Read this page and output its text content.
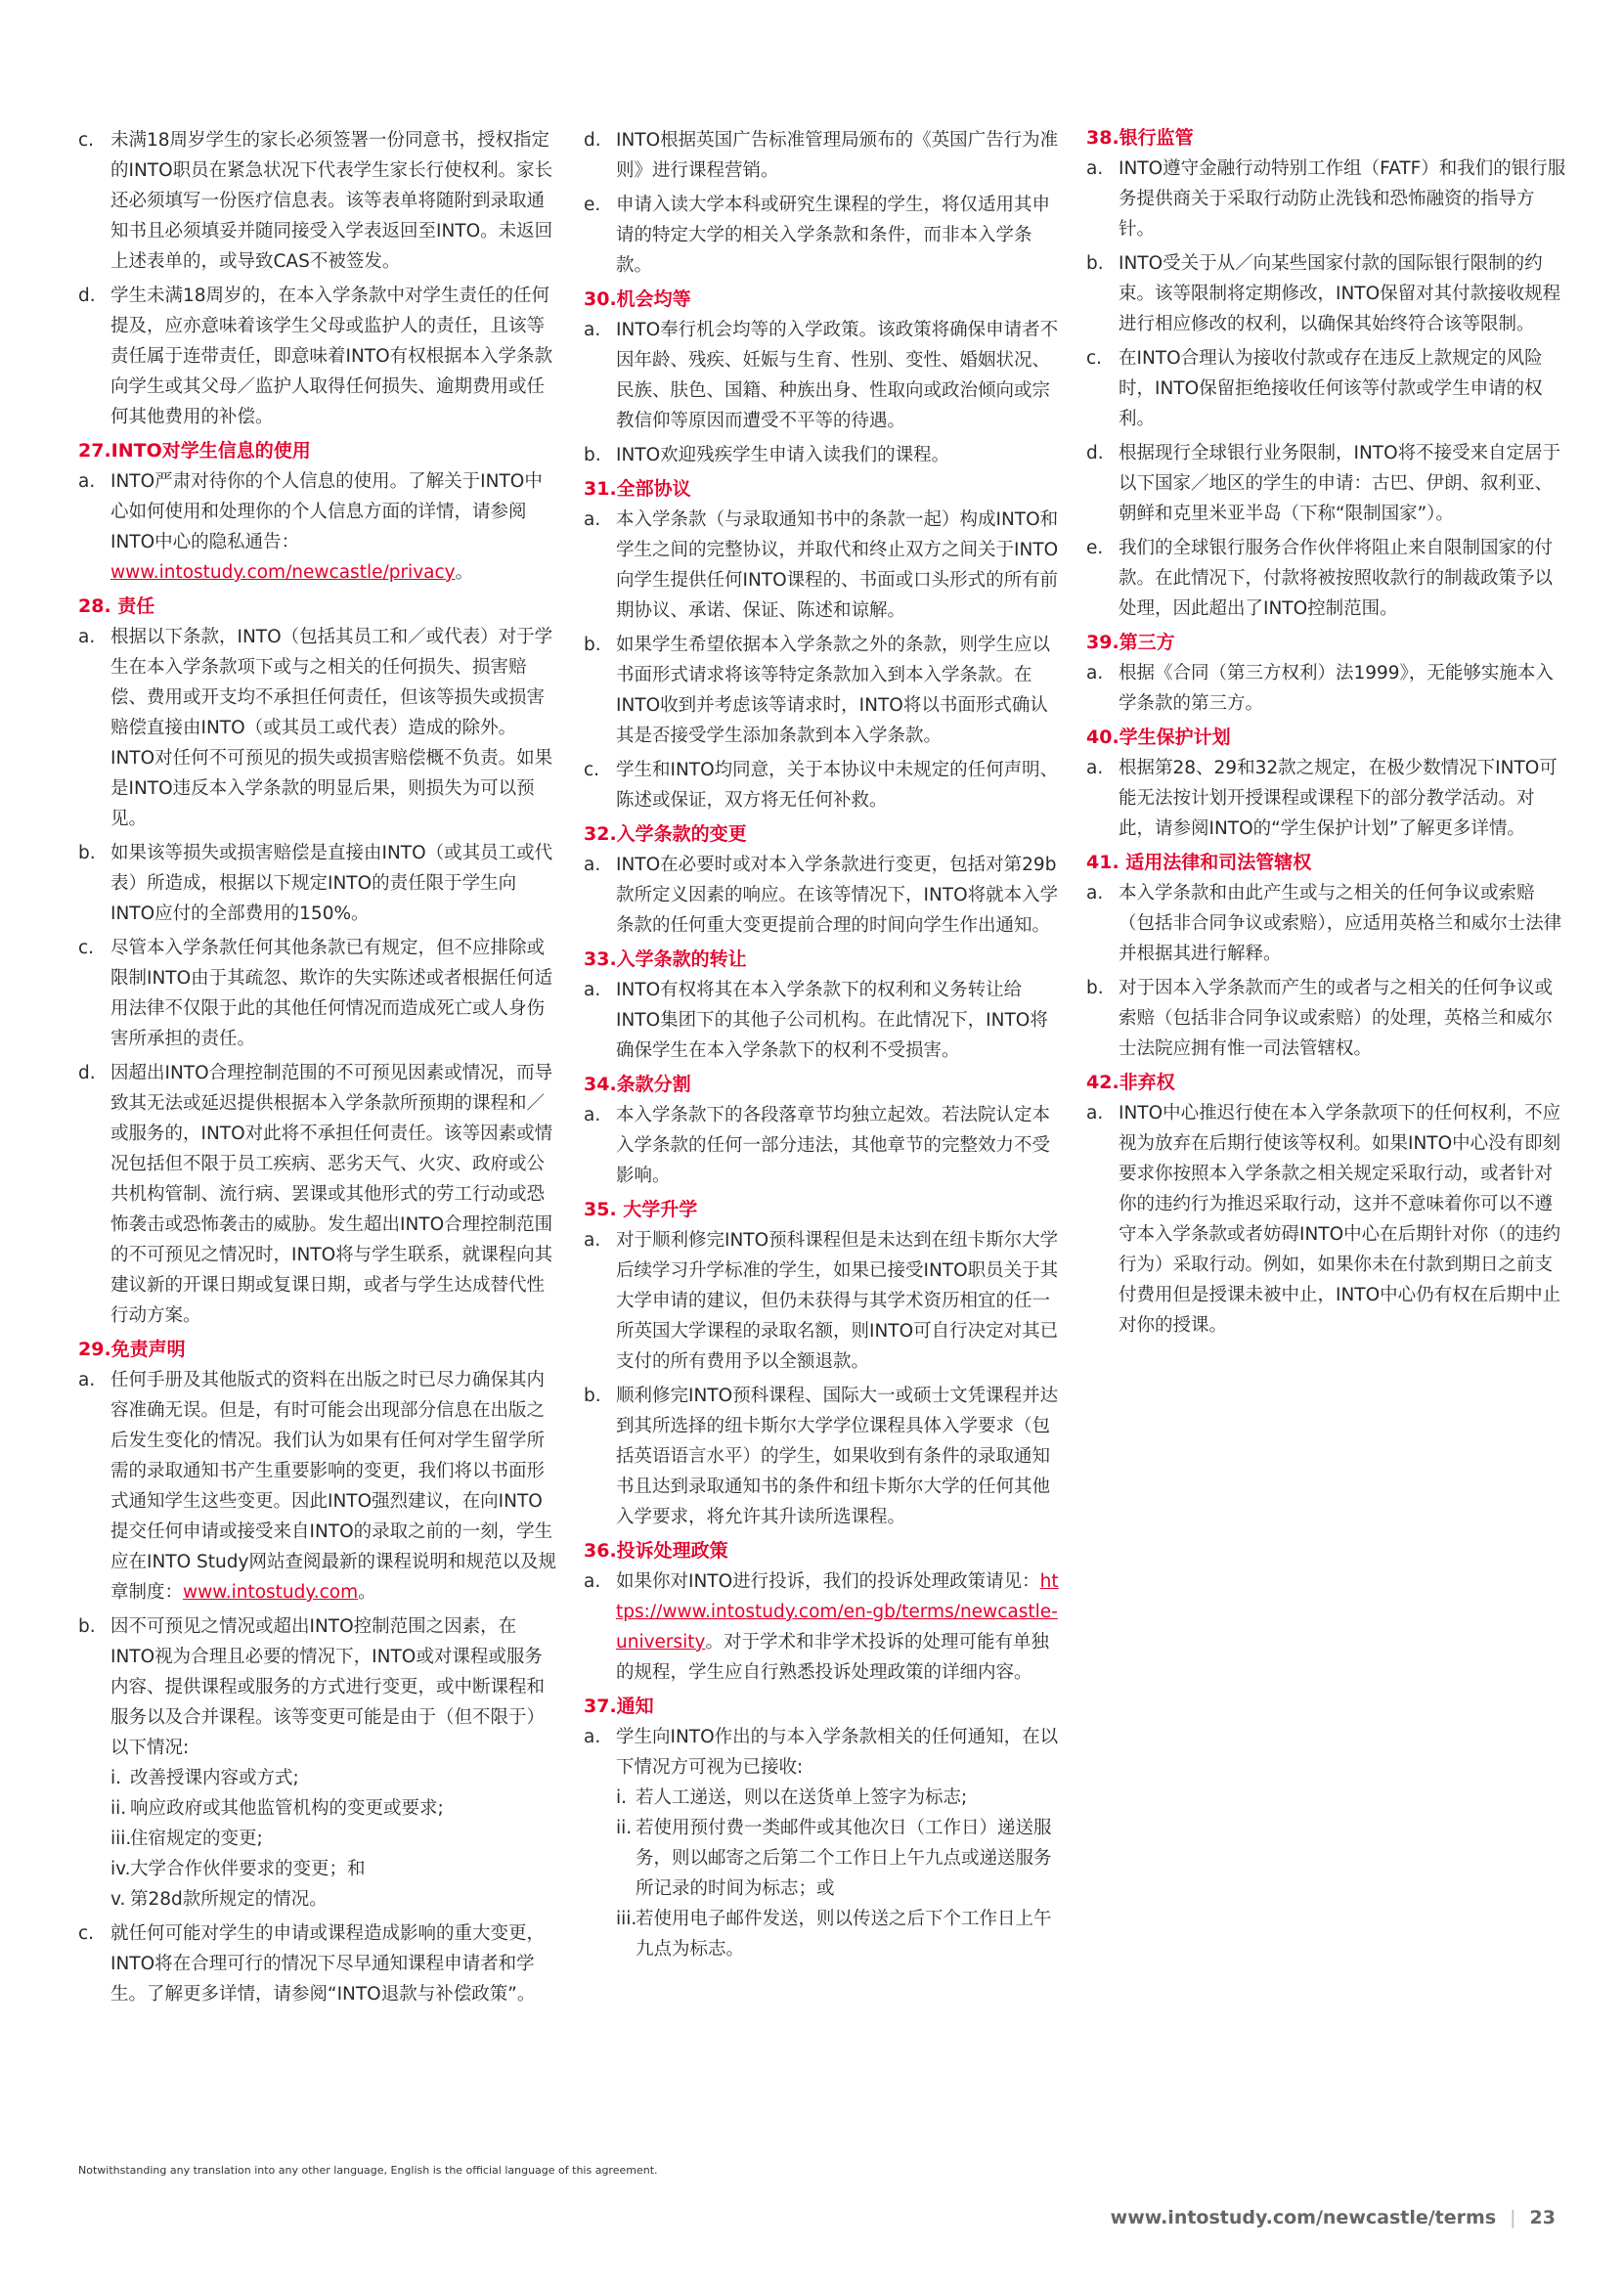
c. 未满18周岁学生的家长必须签署一份同意书，授权指定的INTO职员在紧急状况下代表学生家长行使权利。家长还必须填写一份医疗信息表。该等表单将随附到录取通知书且必须填妥并随同接受入学表返回至INTO。未返回上述表单的，或导致CAS不被签发。
d. 学生未满18周岁的，在本入学条款中对学生责任的任何提及，应亦意味着该学生父母或监护人的责任，且该等责任属于连带责任，即意味着INTO有权根据本入学条款向学生或其父母／监护人取得任何损失、逾期费用或任何其他费用的补偿。
27.INTO对学生信息的使用
a. INTO严肃对待你的个人信息的使用。了解关于INTO中心如何使用和处理你的个人信息方面的详情，请参阅INTO中心的隐私通告：www.intostudy.com/newcastle/privacy。
28. 责任
a. 根据以下条款，INTO（包括其员工和／或代表）对于学生在本入学条款项下或与之相关的任何损失、损害赔偿、费用或开支均不承担任何责任，但该等损失或损害赔偿直接由INTO（或其员工或代表）造成的除外。INTO对任何不可预见的损失或损害赔偿概不负责。如果是INTO违反本入学条款的明显后果，则损失为可以预见。
b. 如果该等损失或损害赔偿是直接由INTO（或其员工或代表）所造成，根据以下规定INTO的责任限于学生向INTO应付的全部费用的150%。
c. 尽管本入学条款任何其他条款已有规定，但不应排除或限制INTO由于其疏忽、欺诈的失实陈述或者根据任何适用法律不仅限于此的其他任何情况而造成死亡或人身伤害所承担的责任。
d. 因超出INTO合理控制范围的不可预见因素或情况，而导致其无法或延迟提供根据本入学条款所预期的课程和／或服务的，INTO对此将不承担任何责任。该等因素或情况包括但不限于员工疾病、恶劣天气、火灾、政府或公共机构管制、流行病、罢课或其他形式的劳工行动或恐怖袭击或恐怖袭击的威胁。发生超出INTO合理控制范围的不可预见之情况时，INTO将与学生联系，就课程向其建议新的开课日期或复课日期，或者与学生达成替代性行动方案。
29.免责声明
a. 任何手册及其他版式的资料在出版之时已尽力确保其内容准确无误。但是，有时可能会出现部分信息在出版之后发生变化的情况。我们认为如果有任何对学生留学所需的录取通知书产生重要影响的变更，我们将以书面形式通知学生这些变更。因此INTO强烈建议，在向INTO提交任何申请或接受来自INTO的录取之前的一刻，学生应在INTO Study网站查阅最新的课程说明和规范以及规章制度：www.intostudy.com。
b. 因不可预见之情况或超出INTO控制范围之因素，在INTO视为合理且必要的情况下，INTO或对课程或服务内容、提供课程或服务的方式进行变更，或中断课程和服务以及合并课程。该等变更可能是由于（但不限于）以下情况:
i. 改善授课内容或方式;
ii. 响应政府或其他监管机构的变更或要求;
iii.
住宿规定的变更;
iv. 大学合作伙伴要求的变更；和
v. 第28d款所规定的情况。
c. 就任何可能对学生的申请或课程造成影响的重大变更，INTO将在合理可行的情况下尽早通知课程申请者和学生。了解更多详情，请参阅“INTO退款与补偿政策”。
d. INTO根据英国广告标准管理局颁布的《英国广告行为准则》进行课程营销。
e. 申请入读大学本科或研究生课程的学生，将仅适用其申请的特定大学的相关入学条款和条件，而非本入学条款。
30.机会均等
a. INTO奉行机会均等的入学政策。该政策将确保申请者不因年龄、残疾、妊娠与生育、性别、变性、婚姻状况、民族、肤色、国籍、种族出身、性取向或政治倾向或宗教信仰等原因而遭受不平等的待遇。
b. INTO欢迎残疾学生申请入读我们的课程。
31.全部协议
a. 本入学条款（与录取通知书中的条款一起）构成INTO和学生之间的完整协议，并取代和终止双方之间关于INTO向学生提供任何INTO课程的、书面或口头形式的所有前期协议、承诺、保证、陈述和谅解。
b. 如果学生希望依据本入学条款之外的条款，则学生应以书面形式请求将该等特定条款加入到本入学条款。在INTO收到并考虑该等请求时，INTO将以书面形式确认其是否接受学生添加条款到本入学条款。
c. 学生和INTO均同意，关于本协议中未规定的任何声明、陈述或保证，双方将无任何补救。
32.入学条款的变更
a. INTO在必要时或对本入学条款进行变更，包括对第29b款所定义因素的响应。在该等情况下，INTO将就本入学条款的任何重大变更提前合理的时间向学生作出通知。
33.入学条款的转让
a. INTO有权将其在本入学条款下的权利和义务转让给INTO集团下的其他子公司机构。在此情况下，INTO将确保学生在本入学条款下的权利不受损害。
34.条款分割
a. 本入学条款下的各段落章节均独立起效。若法院认定本入学条款的任何一部分违法，其他章节的完整效力不受影响。
35. 大学升学
a. 对于顺利修完INTO预科课程但是未达到在纽卡斯尔大学后续学习升学标准的学生，如果已接受INTO职员关于其大学申请的建议，但仍未获得与其学术资历相宜的任一所英国大学课程的录取名额，则INTO可自行决定对其已支付的所有费用予以全额退款。
b. 顺利修完INTO预科课程、国际大一或硕士文凭课程并达到其所选择的纽卡斯尔大学学位课程具体入学要求（包括英语语言水平）的学生，如果收到有条件的录取通知书且达到录取通知书的条件和纽卡斯尔大学的任何其他入学要求，将允许其升读所选课程。
36.投诉处理政策
a. 如果你对INTO进行投诉，我们的投诉处理政策请见：https://www.intostudy.com/en-gb/terms/newcastle-university。对于学术和非学术投诉的处理可能有单独的规程，学生应自行熟悉投诉处理政策的详细内容。
37.通知
a. 学生向INTO作出的与本入学条款相关的任何通知，在以下情况方可视为已接收:
i. 若人工递送，则以在送货单上签字为标志;
ii. 若使用预付费一类邮件或其他次日（工作日）递送服务，则以邮寄之后第二个工作日上午九点或递送服务所记录的时间为标志；或
iii.
若使用电子邮件发送，则以传送之后下个工作日上午九点为标志。
38.银行监管
a. INTO遵守金融行动特别工作组（FATF）和我们的银行服务提供商关于采取行动防止洗钱和恐怖融资的指导方针。
b. INTO受关于从／向某些国家付款的国际银行限制的约束。该等限制将定期修改，INTO保留对其付款接收规程进行相应修改的权利，以确保其始终符合该等限制。
c. 在INTO合理认为接收付款或存在违反上款规定的风险时，INTO保留拒绝接收任何该等付款或学生申请的权利。
d. 根据现行全球银行业务限制，INTO将不接受来自定居于以下国家／地区的学生的申请：古巴、伊朗、叙利亚、朝鲜和克里米亚半岛（下称“限制国家”）。
e. 我们的全球银行服务合作伙伴将阻止来自限制国家的付款。在此情况下，付款将被按照收款行的制裁政策予以处理，因此超出了INTO控制范围。
39.第三方
a. 根据《合同（第三方权利）法1999》，无能够实施本入学条款的第三方。
40.学生保护计划
a. 根据第28、29和32款之规定，在极少数情况下INTO可能无法按计划开授课程或课程下的部分教学活动。对此，请参阅INTO的“学生保护计划”了解更多详情。
41. 适用法律和司法管辖权
a. 本入学条款和由此产生或与之相关的任何争议或索赔（包括非合同争议或索赔），应适用英格兰和威尔士法律并根据其进行解释。
b. 对于因本入学条款而产生的或者与之相关的任何争议或索赔（包括非合同争议或索赔）的处理，英格兰和威尔士法院应拥有惟一司法管辖权。
42.非弃权
a. INTO中心推迟行使在本入学条款项下的任何权利，不应视为放弃在后期行使该等权利。如果INTO中心没有即刻要求你按照本入学条款之相关规定采取行动，或者针对你的违约行为推迟采取行动，这并不意味着你可以不遵守本入学条款或者妨碍INTO中心在后期针对你（的违约行为）采取行动。例如，如果你未在付款到期日之前支付费用但是授课未被中止，INTO中心仍有权在后期中止对你的授课。
Notwithstanding any translation into any other language, English is the official language of this agreement.
www.intostudy.com/newcastle/terms | 23
